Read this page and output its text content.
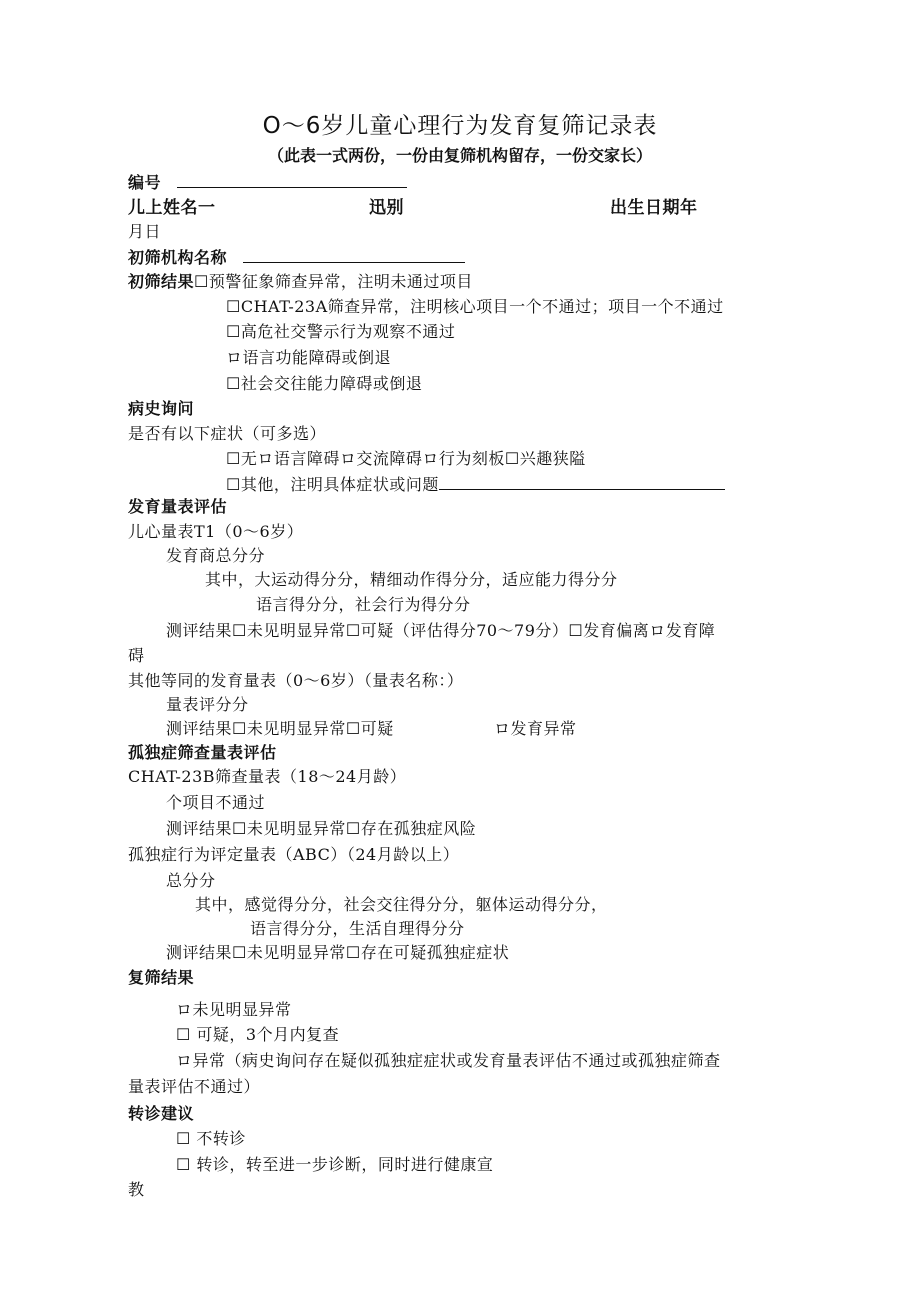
O～6岁儿童心理行为发育复筛记录表
（此表一式两份，一份由复筛机构留存，一份交家长）
编号
儿上姓名一	迅别	出生日期年
月日
初筛机构名称
初筛结果☐预警征象筛查异常，注明未通过项目
☐CHAT-23A筛查异常，注明核心项目一个不通过；项目一个不通过
☐高危社交警示行为观察不通过
ロ语言功能障碍或倒退
☐社会交往能力障碍或倒退
病史询问
是否有以下症状（可多选）
☐无ロ语言障碍ロ交流障碍ロ行为刻板☐兴趣狭隘
☐其他，注明具体症状或问题
发育量表评估
儿心量表T1（0～6岁）
发育商总分分
其中，大运动得分分，精细动作得分分，适应能力得分分
语言得分分，社会行为得分分
测评结果☐未见明显异常☐可疑（评估得分70～79分）☐发育偏离ロ发育障
碍
其他等同的发育量表（0～6岁）（量表名称：）
量表评分分
测评结果☐未见明显异常☐可疑	ロ发育异常
孤独症筛查量表评估
CHAT-23B筛查量表（18～24月龄）
个项目不通过
测评结果☐未见明显异常☐存在孤独症风险
孤独症行为评定量表（ABC）（24月龄以上）
总分分
其中，感觉得分分，社会交往得分分，躯体运动得分分，
语言得分分，生活自理得分分
测评结果☐未见明显异常☐存在可疑孤独症症状
复筛结果
ロ未见明显异常
☐ 可疑，3个月内复查
ロ异常（病史询问存在疑似孤独症症状或发育量表评估不通过或孤独症筛查
量表评估不通过）
转诊建议
☐ 不转诊
☐ 转诊，转至进一步诊断，同时进行健康宣
教
